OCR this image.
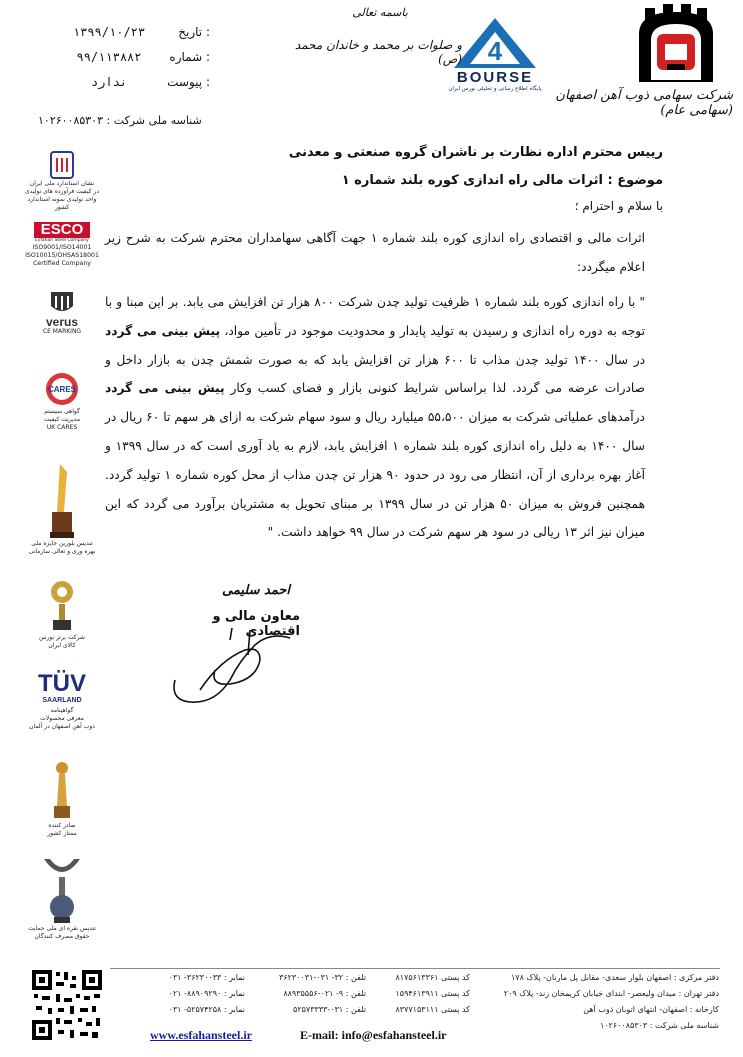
شرکت سهامی ذوب آهن اصفهان (سهامی عام)
4
BOURSE
پایگاه اطلاع رسانی و تحلیلی بورس ایران
باسمه تعالی
و صلوات بر محمد و خاندان محمد (ص)
: تاریخ
: شماره
: پیوست
۱۳۹۹/۱۰/۲۳
۹۹/۱۱۳۸۸۲
ندارد
شناسه ملی شرکت : ۱۰۲۶۰۰۸۵۳۰۳
نشان استاندارد ملی ایران
در کیفیت فرآورده های تولیدی
واحد تولیدی نمونه استاندارد کشور
ESCO
Esfahan Steel Company
ISO9001/ISO14001
ISO10015/OHSAS18001
Certified Company
verus
CE MARKING
CARES
گواهی سیستم
مدیریت کیفیت
UK CARES
تندیس بلورین جایزه ملی
بهره وری و تعالی سازمانی
شرکت برتر بورس
کالای ایران
TÜV
SAARLAND
گواهینامه
معرفی محصولات
ذوب آهن اصفهان در آلمان
صادر کننده
ممتاز کشور
تندیس نقره ای ملی حمایت
حقوق مصرف کنندگان
رییس محترم اداره نظارت بر ناشران گروه صنعتی و معدنی
موضوع : اثرات مالی راه اندازی کوره بلند شماره ۱
با سلام و احترام ؛
اثرات مالی و اقتصادی راه اندازی کوره بلند شماره ۱ جهت آگاهی سهامداران محترم شرکت به شرح زیر اعلام میگردد:
" با راه اندازی کوره بلند شماره ۱ ظرفیت تولید چدن شرکت ۸۰۰ هزار تن افزایش می یابد. بر این مبنا و با توجه به دوره راه اندازی و رسیدن به تولید پایدار و محدودیت موجود در تأمین مواد، پیش بینی می گردد در سال ۱۴۰۰ تولید چدن مذاب تا ۶۰۰ هزار تن افزایش یابد که به صورت شمش چدن به بازار داخل و صادرات عرضه می گردد. لذا براساس شرایط کنونی بازار و فضای کسب وکار پیش بینی می گردد درآمدهای عملیاتی شرکت به میزان ۵۵،۵۰۰ میلیارد ریال و سود سهام شرکت به ازای هر سهم تا ۶۰ ریال در سال ۱۴۰۰ به دلیل راه اندازی کوره بلند شماره ۱ افزایش یابد، لازم به یاد آوری است که در سال ۱۳۹۹ و آغاز بهره برداری از آن، انتظار می رود در حدود ۹۰ هزار تن چدن مذاب از محل کوره شماره ۱ تولید گردد. همچنین فروش به میزان ۵۰ هزار تن در سال ۱۳۹۹ بر مبنای تحویل به مشتریان برآورد می گردد که این میزان نیز اثر ۱۳ ریالی در سود هر سهم شرکت در سال ۹۹ خواهد داشت. "
احمد سلیمی
معاون مالی و اقتصادی
دفتر مرکزی : اصفهان بلوار سعدی- مقابل پل مارنان- پلاک ۱۷۸
دفتر تهران : میدان ولیعصر- ابتدای خیابان کریمخان زند- پلاک ۲۰۹
کارخانه : اصفهان- انتهای اتوبان ذوب آهن
شناسه ملی شرکت : ۱۰۲۶۰۰۸۵۳۰۳
کد پستی ۸۱۷۵۶۱۳۳۶۱
کد پستی ۱۵۹۴۶۱۳۹۱۱
کد پستی ۸۳۷۷۱۵۳۱۱۱
تلفن : ۳۲- ۰۳۱-۳۶۲۳۰۰۳۱
تلفن : ۹- ۰۲۱-۸۸۹۳۵۵۵۶
تلفن : ۰۳۱-۵۲۵۷۳۳۳۳
نمابر : ۳۶۲۳۰۰۳۳- ۰۳۱
نمابر : ۸۸۹۰۹۲۹۰- ۰۲۱
نمابر : ۵۲۵۷۴۲۵۸- ۰۳۱
www.esfahansteel.ir	E-mail: info@esfahansteel.ir
